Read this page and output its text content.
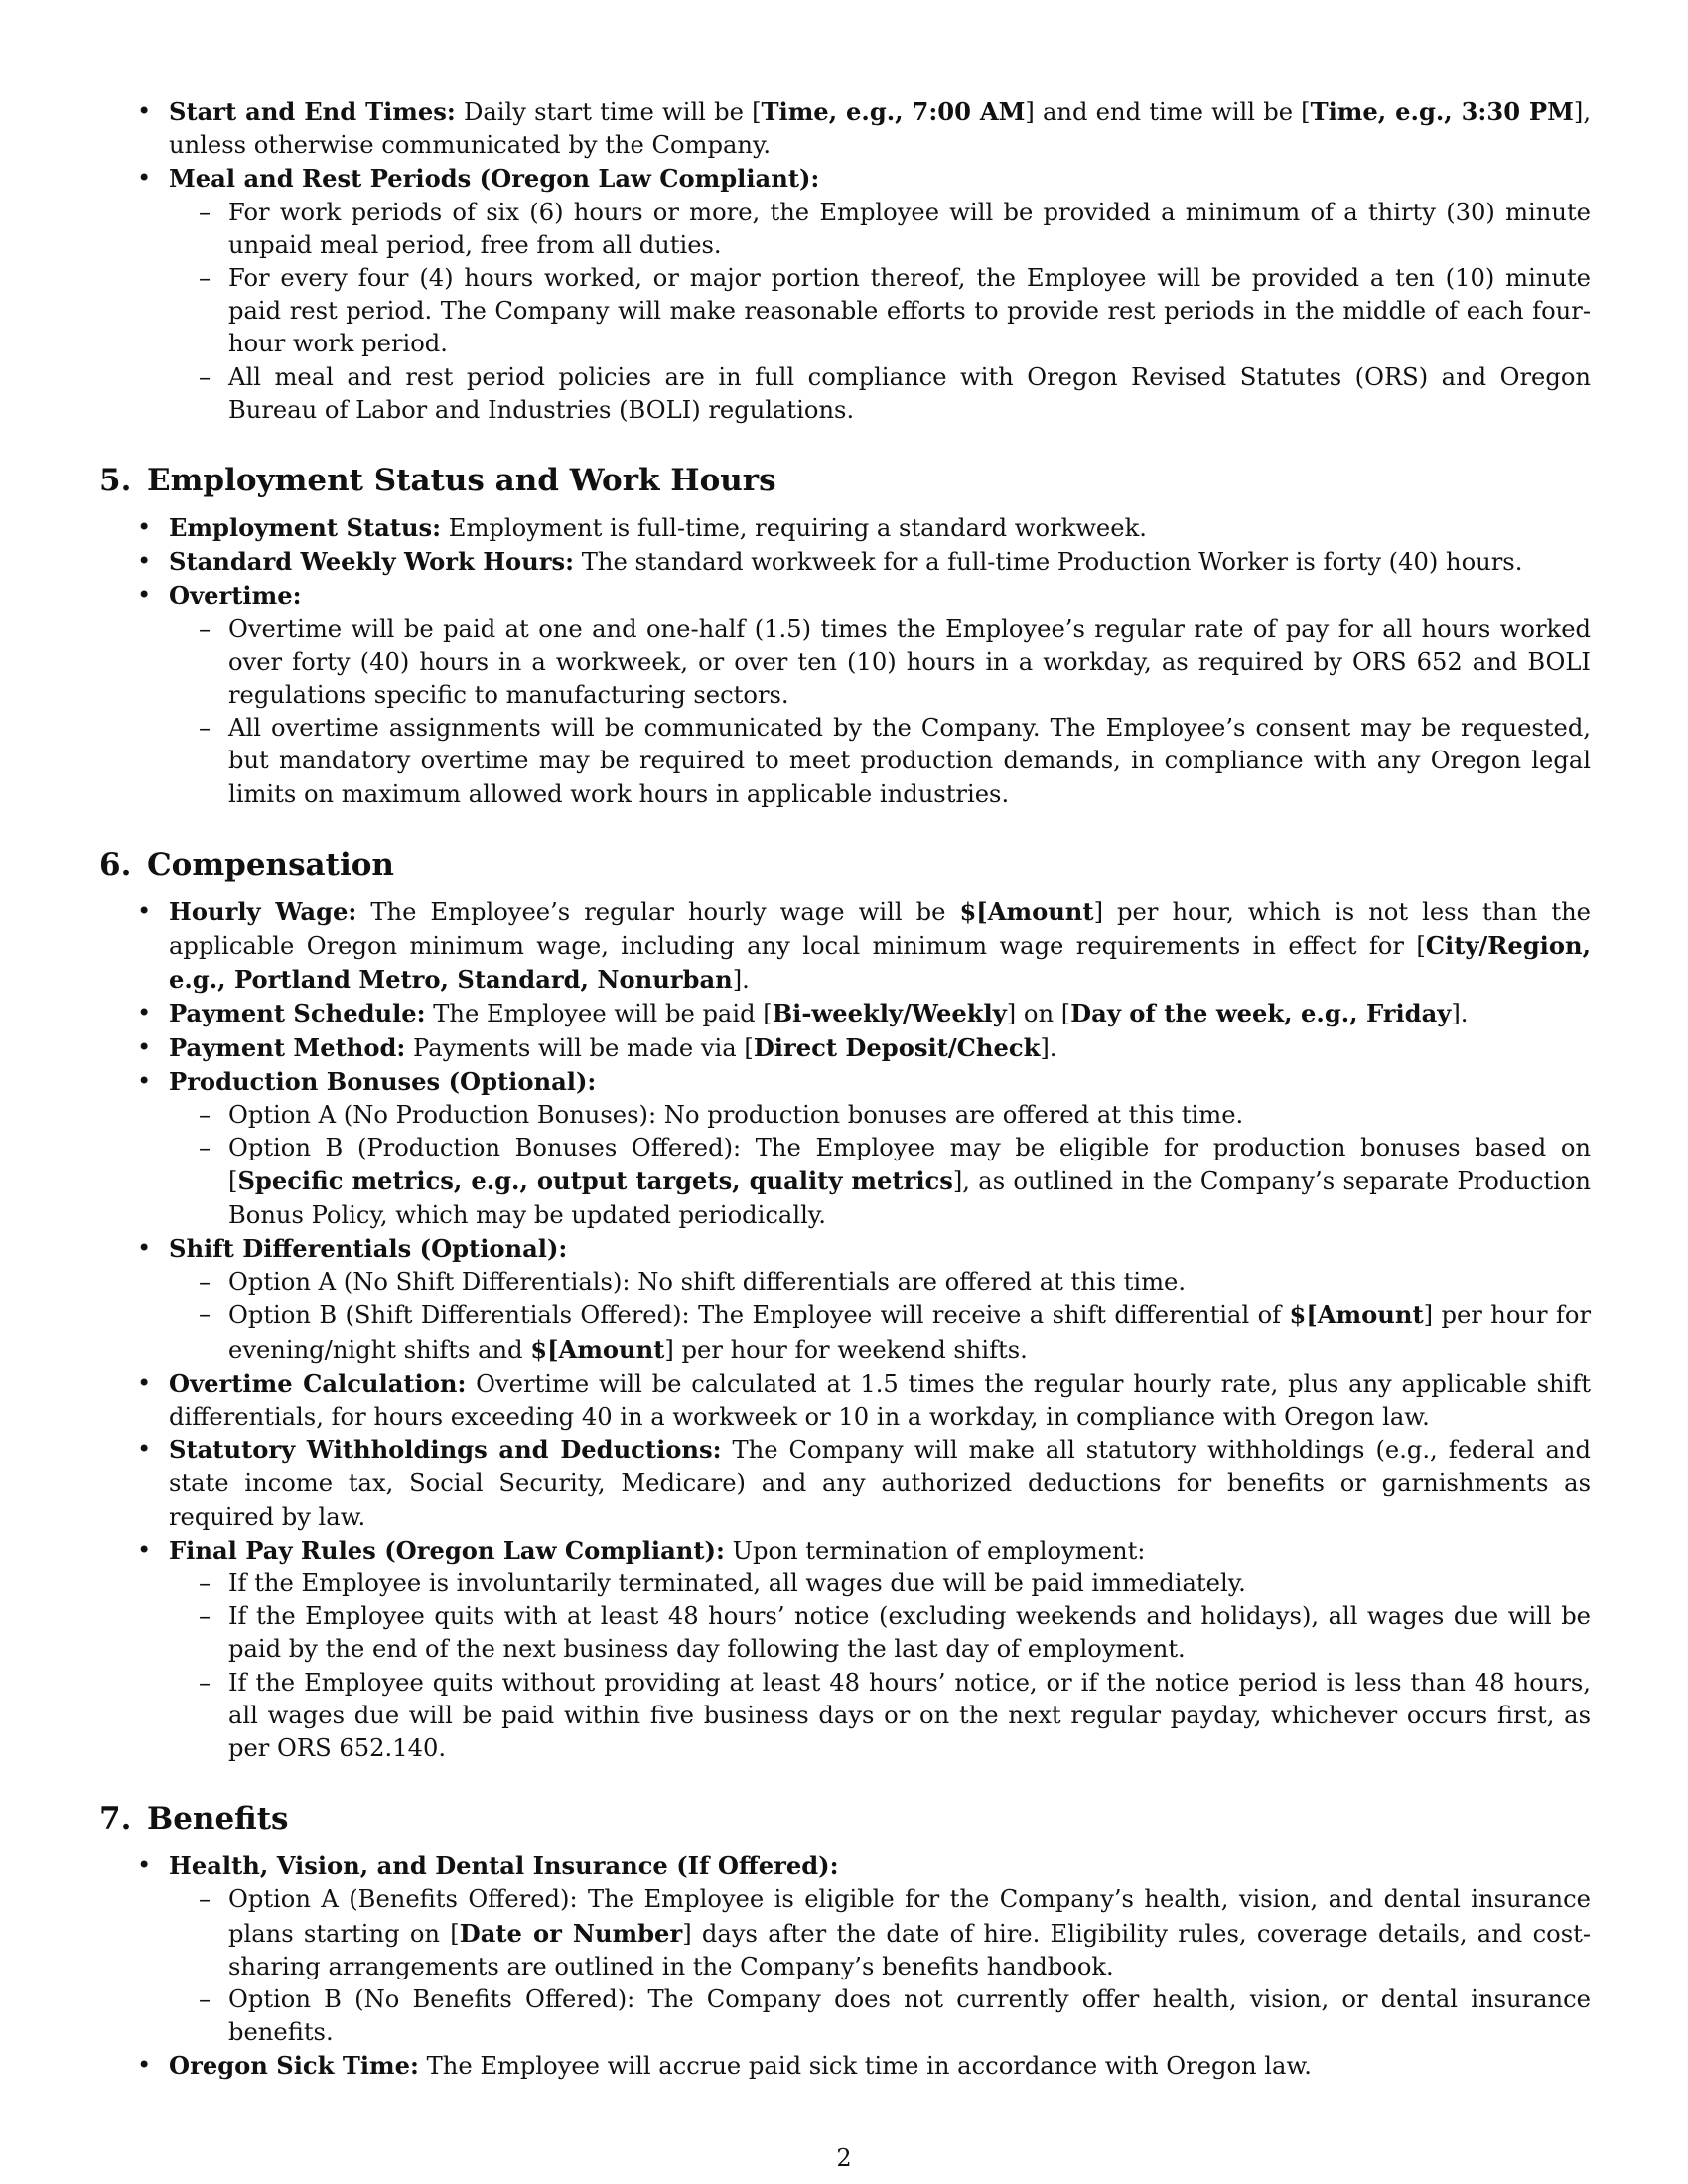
• Start and End Times: Daily start time will be [Time, e.g., 7:00 AM] and end time will be [Time, e.g., 3:30 PM], unless otherwise communicated by the Company.
• Meal and Rest Periods (Oregon Law Compliant):
– For work periods of six (6) hours or more, the Employee will be provided a minimum of a thirty (30) minute unpaid meal period, free from all duties.
– For every four (4) hours worked, or major portion thereof, the Employee will be provided a ten (10) minute paid rest period. The Company will make reasonable efforts to provide rest periods in the middle of each four-hour work period.
– All meal and rest period policies are in full compliance with Oregon Revised Statutes (ORS) and Oregon Bureau of Labor and Industries (BOLI) regulations.
5. Employment Status and Work Hours
• Employment Status: Employment is full-time, requiring a standard workweek.
• Standard Weekly Work Hours: The standard workweek for a full-time Production Worker is forty (40) hours.
• Overtime:
– Overtime will be paid at one and one-half (1.5) times the Employee’s regular rate of pay for all hours worked over forty (40) hours in a workweek, or over ten (10) hours in a workday, as required by ORS 652 and BOLI regulations specific to manufacturing sectors.
– All overtime assignments will be communicated by the Company. The Employee’s consent may be requested, but mandatory overtime may be required to meet production demands, in compliance with any Oregon legal limits on maximum allowed work hours in applicable industries.
6. Compensation
• Hourly Wage: The Employee’s regular hourly wage will be $[Amount] per hour, which is not less than the applicable Oregon minimum wage, including any local minimum wage requirements in effect for [City/Region, e.g., Portland Metro, Standard, Nonurban].
• Payment Schedule: The Employee will be paid [Bi-weekly/Weekly] on [Day of the week, e.g., Friday].
• Payment Method: Payments will be made via [Direct Deposit/Check].
• Production Bonuses (Optional):
– Option A (No Production Bonuses): No production bonuses are offered at this time.
– Option B (Production Bonuses Offered): The Employee may be eligible for production bonuses based on [Specific metrics, e.g., output targets, quality metrics], as outlined in the Company’s separate Production Bonus Policy, which may be updated periodically.
• Shift Differentials (Optional):
– Option A (No Shift Differentials): No shift differentials are offered at this time.
– Option B (Shift Differentials Offered): The Employee will receive a shift differential of $[Amount] per hour for evening/night shifts and $[Amount] per hour for weekend shifts.
• Overtime Calculation: Overtime will be calculated at 1.5 times the regular hourly rate, plus any applicable shift differentials, for hours exceeding 40 in a workweek or 10 in a workday, in compliance with Oregon law.
• Statutory Withholdings and Deductions: The Company will make all statutory withholdings (e.g., federal and state income tax, Social Security, Medicare) and any authorized deductions for benefits or garnishments as required by law.
• Final Pay Rules (Oregon Law Compliant): Upon termination of employment:
– If the Employee is involuntarily terminated, all wages due will be paid immediately.
– If the Employee quits with at least 48 hours’ notice (excluding weekends and holidays), all wages due will be paid by the end of the next business day following the last day of employment.
– If the Employee quits without providing at least 48 hours’ notice, or if the notice period is less than 48 hours, all wages due will be paid within five business days or on the next regular payday, whichever occurs first, as per ORS 652.140.
7. Benefits
• Health, Vision, and Dental Insurance (If Offered):
– Option A (Benefits Offered): The Employee is eligible for the Company’s health, vision, and dental insurance plans starting on [Date or Number] days after the date of hire. Eligibility rules, coverage details, and cost-sharing arrangements are outlined in the Company’s benefits handbook.
– Option B (No Benefits Offered): The Company does not currently offer health, vision, or dental insurance benefits.
• Oregon Sick Time: The Employee will accrue paid sick time in accordance with Oregon law.
2
